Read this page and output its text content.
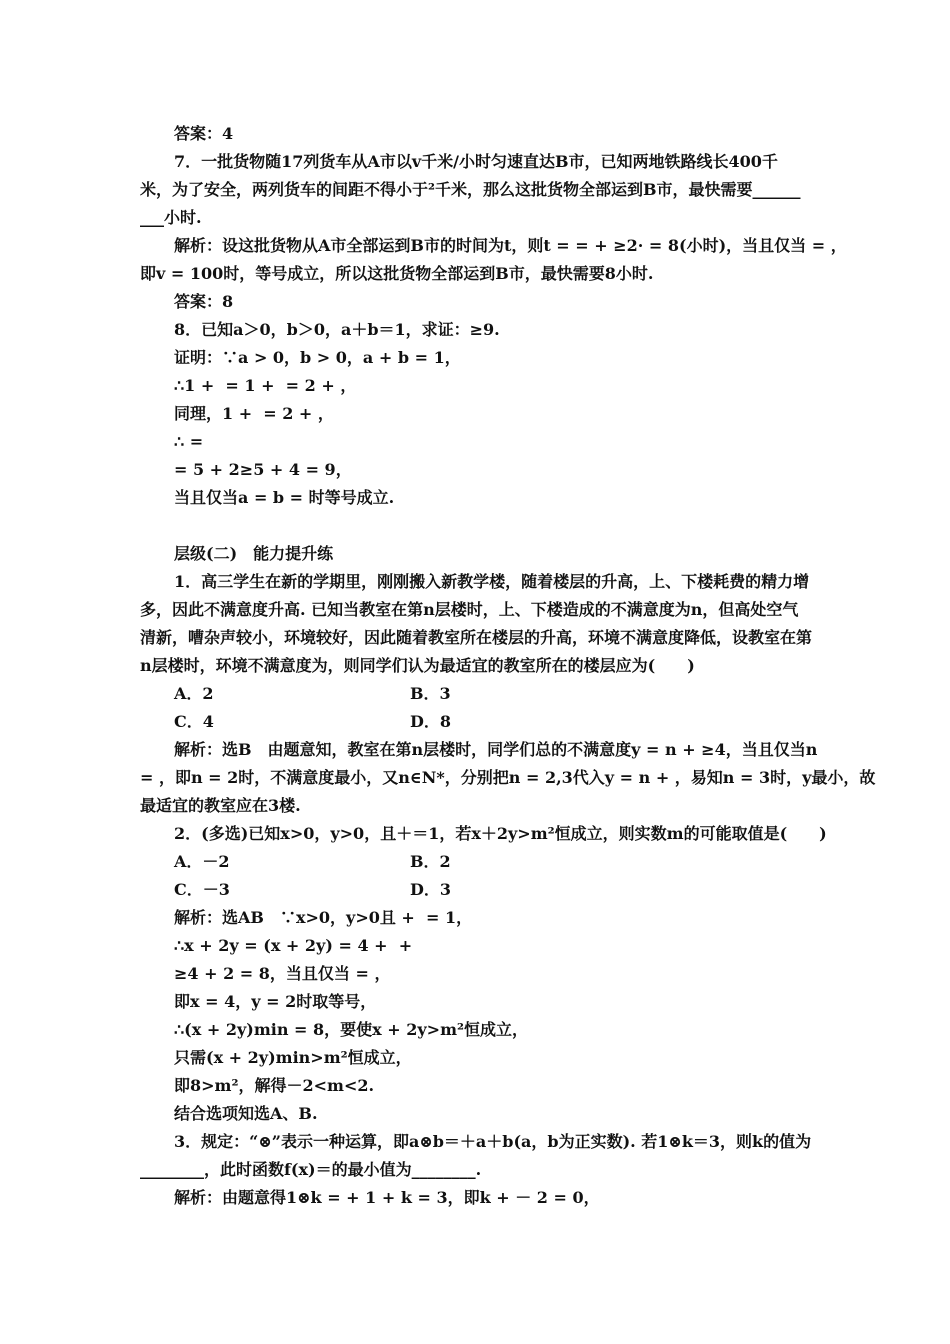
答案：4
7．一批货物随17列货车从A市以v千米/小时匀速直达B市，已知两地铁路线长400千
米，为了安全，两列货车的间距不得小于²千米，那么这批货物全部运到B市，最快需要______
___小时.
解析：设这批货物从A市全部运到B市的时间为t，则t = = + ≥2· = 8(小时)，当且仅当 = ，
即v = 100时，等号成立，所以这批货物全部运到B市，最快需要8小时.
答案：8
8．已知a＞0，b＞0，a＋b＝1，求证：≥9.
证明：∵a > 0，b > 0，a + b = 1，
∴1 +  = 1 +  = 2 + ，
同理，1 +  = 2 + ，
∴ =
= 5 + 2≥5 + 4 = 9，
当且仅当a = b = 时等号成立.
层级(二)　能力提升练
1．高三学生在新的学期里，刚刚搬入新教学楼，随着楼层的升高，上、下楼耗费的精力增
多，因此不满意度升高. 已知当教室在第n层楼时，上、下楼造成的不满意度为n，但高处空气
清新，嘈杂声较小，环境较好，因此随着教室所在楼层的升高，环境不满意度降低，设教室在第
n层楼时，环境不满意度为，则同学们认为最适宜的教室所在的楼层应为(　　)
A．2	B．3
C．4	D．8
解析：选B　由题意知，教室在第n层楼时，同学们总的不满意度y = n + ≥4，当且仅当n
= ，即n = 2时，不满意度最小，又n∈N*，分别把n = 2,3代入y = n + ，易知n = 3时，y最小，故
最适宜的教室应在3楼.
2．(多选)已知x>0，y>0，且＋＝1，若x＋2y>m²恒成立，则实数m的可能取值是(　　)
A．－2	B．2
C．－3	D．3
解析：选AB　∵x>0，y>0且 +  = 1，
∴x + 2y = (x + 2y) = 4 +  +
≥4 + 2 = 8，当且仅当 = ，
即x = 4，y = 2时取等号，
∴(x + 2y)min = 8，要使x + 2y>m²恒成立，
只需(x + 2y)min>m²恒成立，
即8>m²，解得－2<m<2.
结合选项知选A、B.
3．规定：“⊗”表示一种运算，即a⊗b＝＋a＋b(a，b为正实数). 若1⊗k＝3，则k的值为
________，此时函数f(x)＝的最小值为________.
解析：由题意得1⊗k = + 1 + k = 3，即k + － 2 = 0，
